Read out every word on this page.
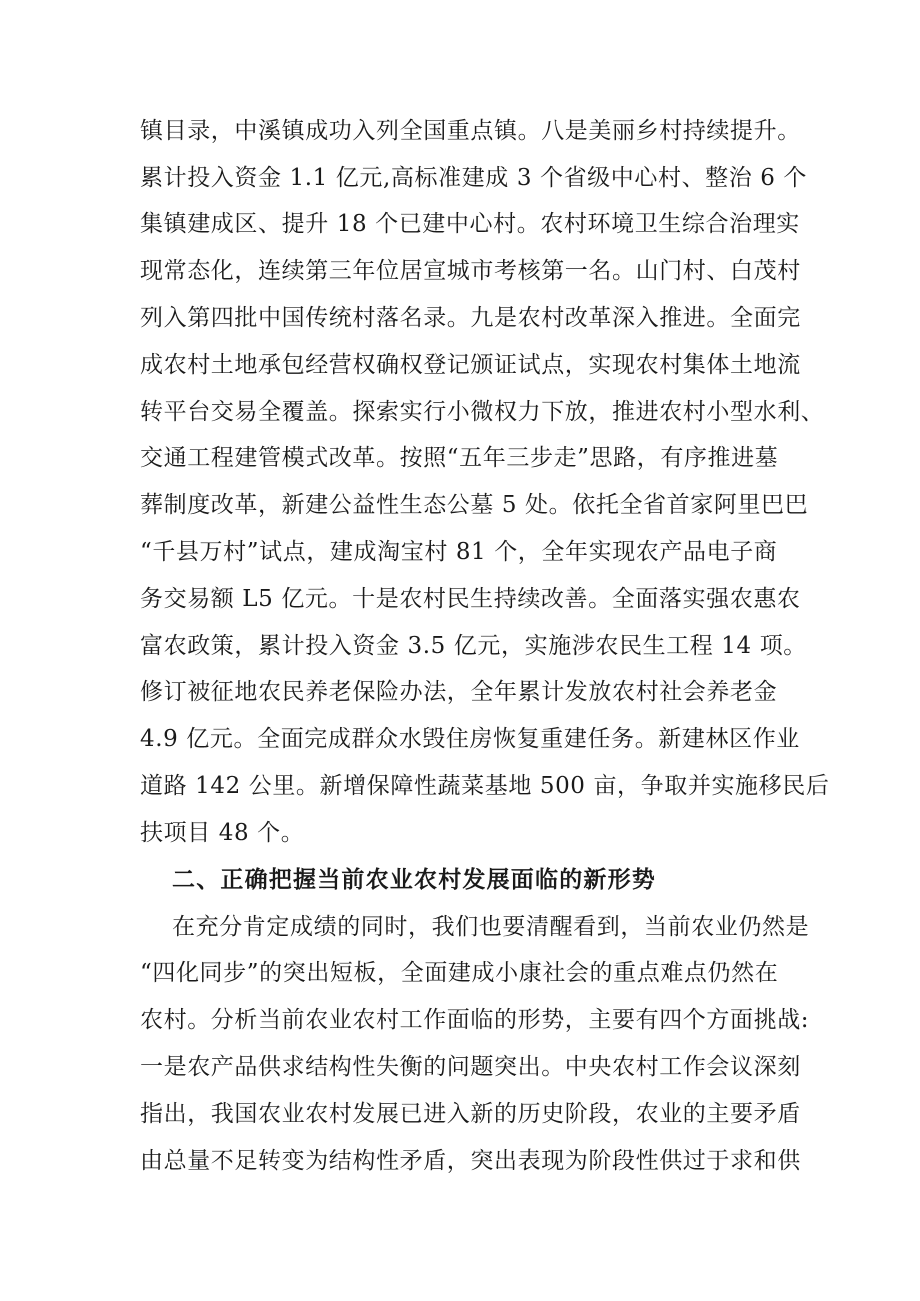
镇目录，中溪镇成功入列全国重点镇。八是美丽乡村持续提升。
累计投入资金 1.1 亿元,高标准建成 3 个省级中心村、整治 6 个
集镇建成区、提升 18 个已建中心村。农村环境卫生综合治理实
现常态化，连续第三年位居宣城市考核第一名。山门村、白茂村
列入第四批中国传统村落名录。九是农村改革深入推进。全面完
成农村土地承包经营权确权登记颁证试点，实现农村集体土地流
转平台交易全覆盖。探索实行小微权力下放，推进农村小型水利、
交通工程建管模式改革。按照“五年三步走”思路，有序推进墓
葬制度改革，新建公益性生态公墓 5 处。依托全省首家阿里巴巴
“千县万村”试点，建成淘宝村 81 个，全年实现农产品电子商
务交易额 L5 亿元。十是农村民生持续改善。全面落实强农惠农
富农政策，累计投入资金 3.5 亿元，实施涉农民生工程 14 项。
修订被征地农民养老保险办法，全年累计发放农村社会养老金
4.9 亿元。全面完成群众水毁住房恢复重建任务。新建林区作业
道路 142 公里。新增保障性蔬菜基地 500 亩，争取并实施移民后
扶项目 48 个。
二、正确把握当前农业农村发展面临的新形势
在充分肯定成绩的同时，我们也要清醒看到，当前农业仍然是
“四化同步”的突出短板，全面建成小康社会的重点难点仍然在
农村。分析当前农业农村工作面临的形势，主要有四个方面挑战:
一是农产品供求结构性失衡的问题突出。中央农村工作会议深刻
指出，我国农业农村发展已进入新的历史阶段，农业的主要矛盾
由总量不足转变为结构性矛盾，突出表现为阶段性供过于求和供
